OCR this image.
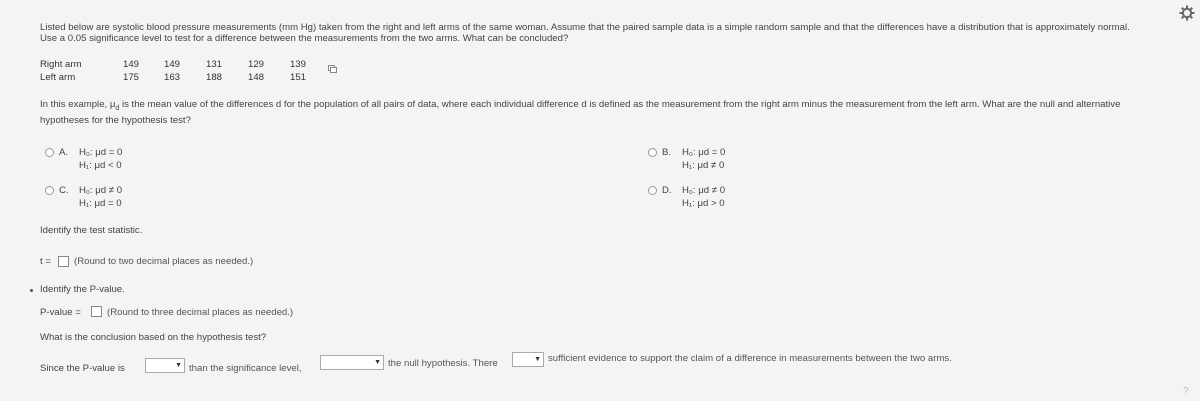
Listed below are systolic blood pressure measurements (mm Hg) taken from the right and left arms of the same woman. Assume that the paired sample data is a simple random sample and that the differences have a distribution that is approximately normal.
Use a 0.05 significance level to test for a difference between the measurements from the two arms. What can be concluded?
Right arm	149	149	131	129	139
Left arm	175	163	188	148	151
In this example, $\mu_d$ is the mean value of the differences d for the population of all pairs of data, where each individual difference d is defined as the measurement from the right arm minus the measurement from the left arm. What are the null and alternative
hypotheses for the hypothesis test?
A. H₀: μd = 0
H₁: μd < 0
C. H₀: μd ≠ 0
H₁: μd = 0
B. H₀: μd = 0
H₁: μd ≠ 0
D. H₀: μd ≠ 0
H₁: μd > 0
Identify the test statistic.
t = (Round to two decimal places as needed.)
Identify the P-value.
P-value =	(Round to three decimal places as needed.)
What is the conclusion based on the hypothesis test?
Since the P-value is	▼ than the significance level,
▼ the null hypothesis. There	▼ sufficient evidence to support the claim of a difference in measurements between the two arms.
?
